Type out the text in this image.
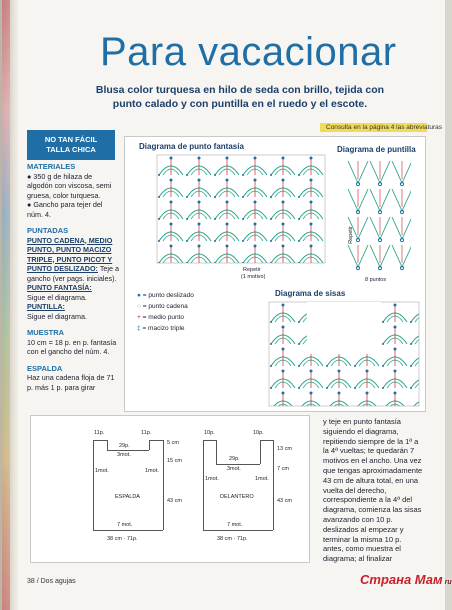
Para vacacionar
Blusa color turquesa en hilo de seda con brillo, tejida con punto calado y con puntilla en el ruedo y el escote.
Consulta en la página 4 las abreviaturas
NO TAN FÁCIL
TALLA CHICA
MATERIALES

● 350 g de hilaza de algodón con viscosa, semi gruesa, color turquesa.

● Gancho para tejer del núm. 4.

PUNTADAS

PUNTO CADENA, MEDIO PUNTO, PUNTO MACIZO TRIPLE, PUNTO PICOT Y PUNTO DESLIZADO: Teje a gancho (ver pags. iniciales).

PUNTO FANTASÍA:

Sigue el diagrama.

PUNTILLA:

Sigue el diagrama.

MUESTRA

10 cm = 18 p. en p. fantasía con el gancho del núm. 4.

ESPALDA

Haz una cadena floja de 71 p. más 1 p. para girar

Diagrama de punto fantasía	Diagrama de puntilla
Diagrama de sisas
Repetir
(1 motivo)
Repetir
8 puntos
● = punto deslizado
○ = punto cadena
+ = medio punto
‡ = macizo triple
11p.
29p.
3mot.
11p.
5 cm
15 cm
1mot.	1mot.
ESPALDA
43 cm
7 mot.
38 cm · 71p.
10p.
29p.
3mot.
10p.
13 cm
7 cm
1mot.	1mot.
DELANTERO
43 cm
7 mot.
38 cm · 71p.

y teje en punto fantasía siguiendo el diagrama, repitiendo siempre de la 1ª a la 4ª vueltas; te quedarán 7 motivos en el ancho. Una vez que tengas aproximadamente 43 cm de altura total, en una vuelta del derecho, correspondiente a la 4ª del diagrama, comienza las sisas avanzando con 10 p. deslizados al empezar y terminar la misma 10 p. antes, como muestra el diagrama; al finalizar

38 / Dos agujas	Страна Мам ru
